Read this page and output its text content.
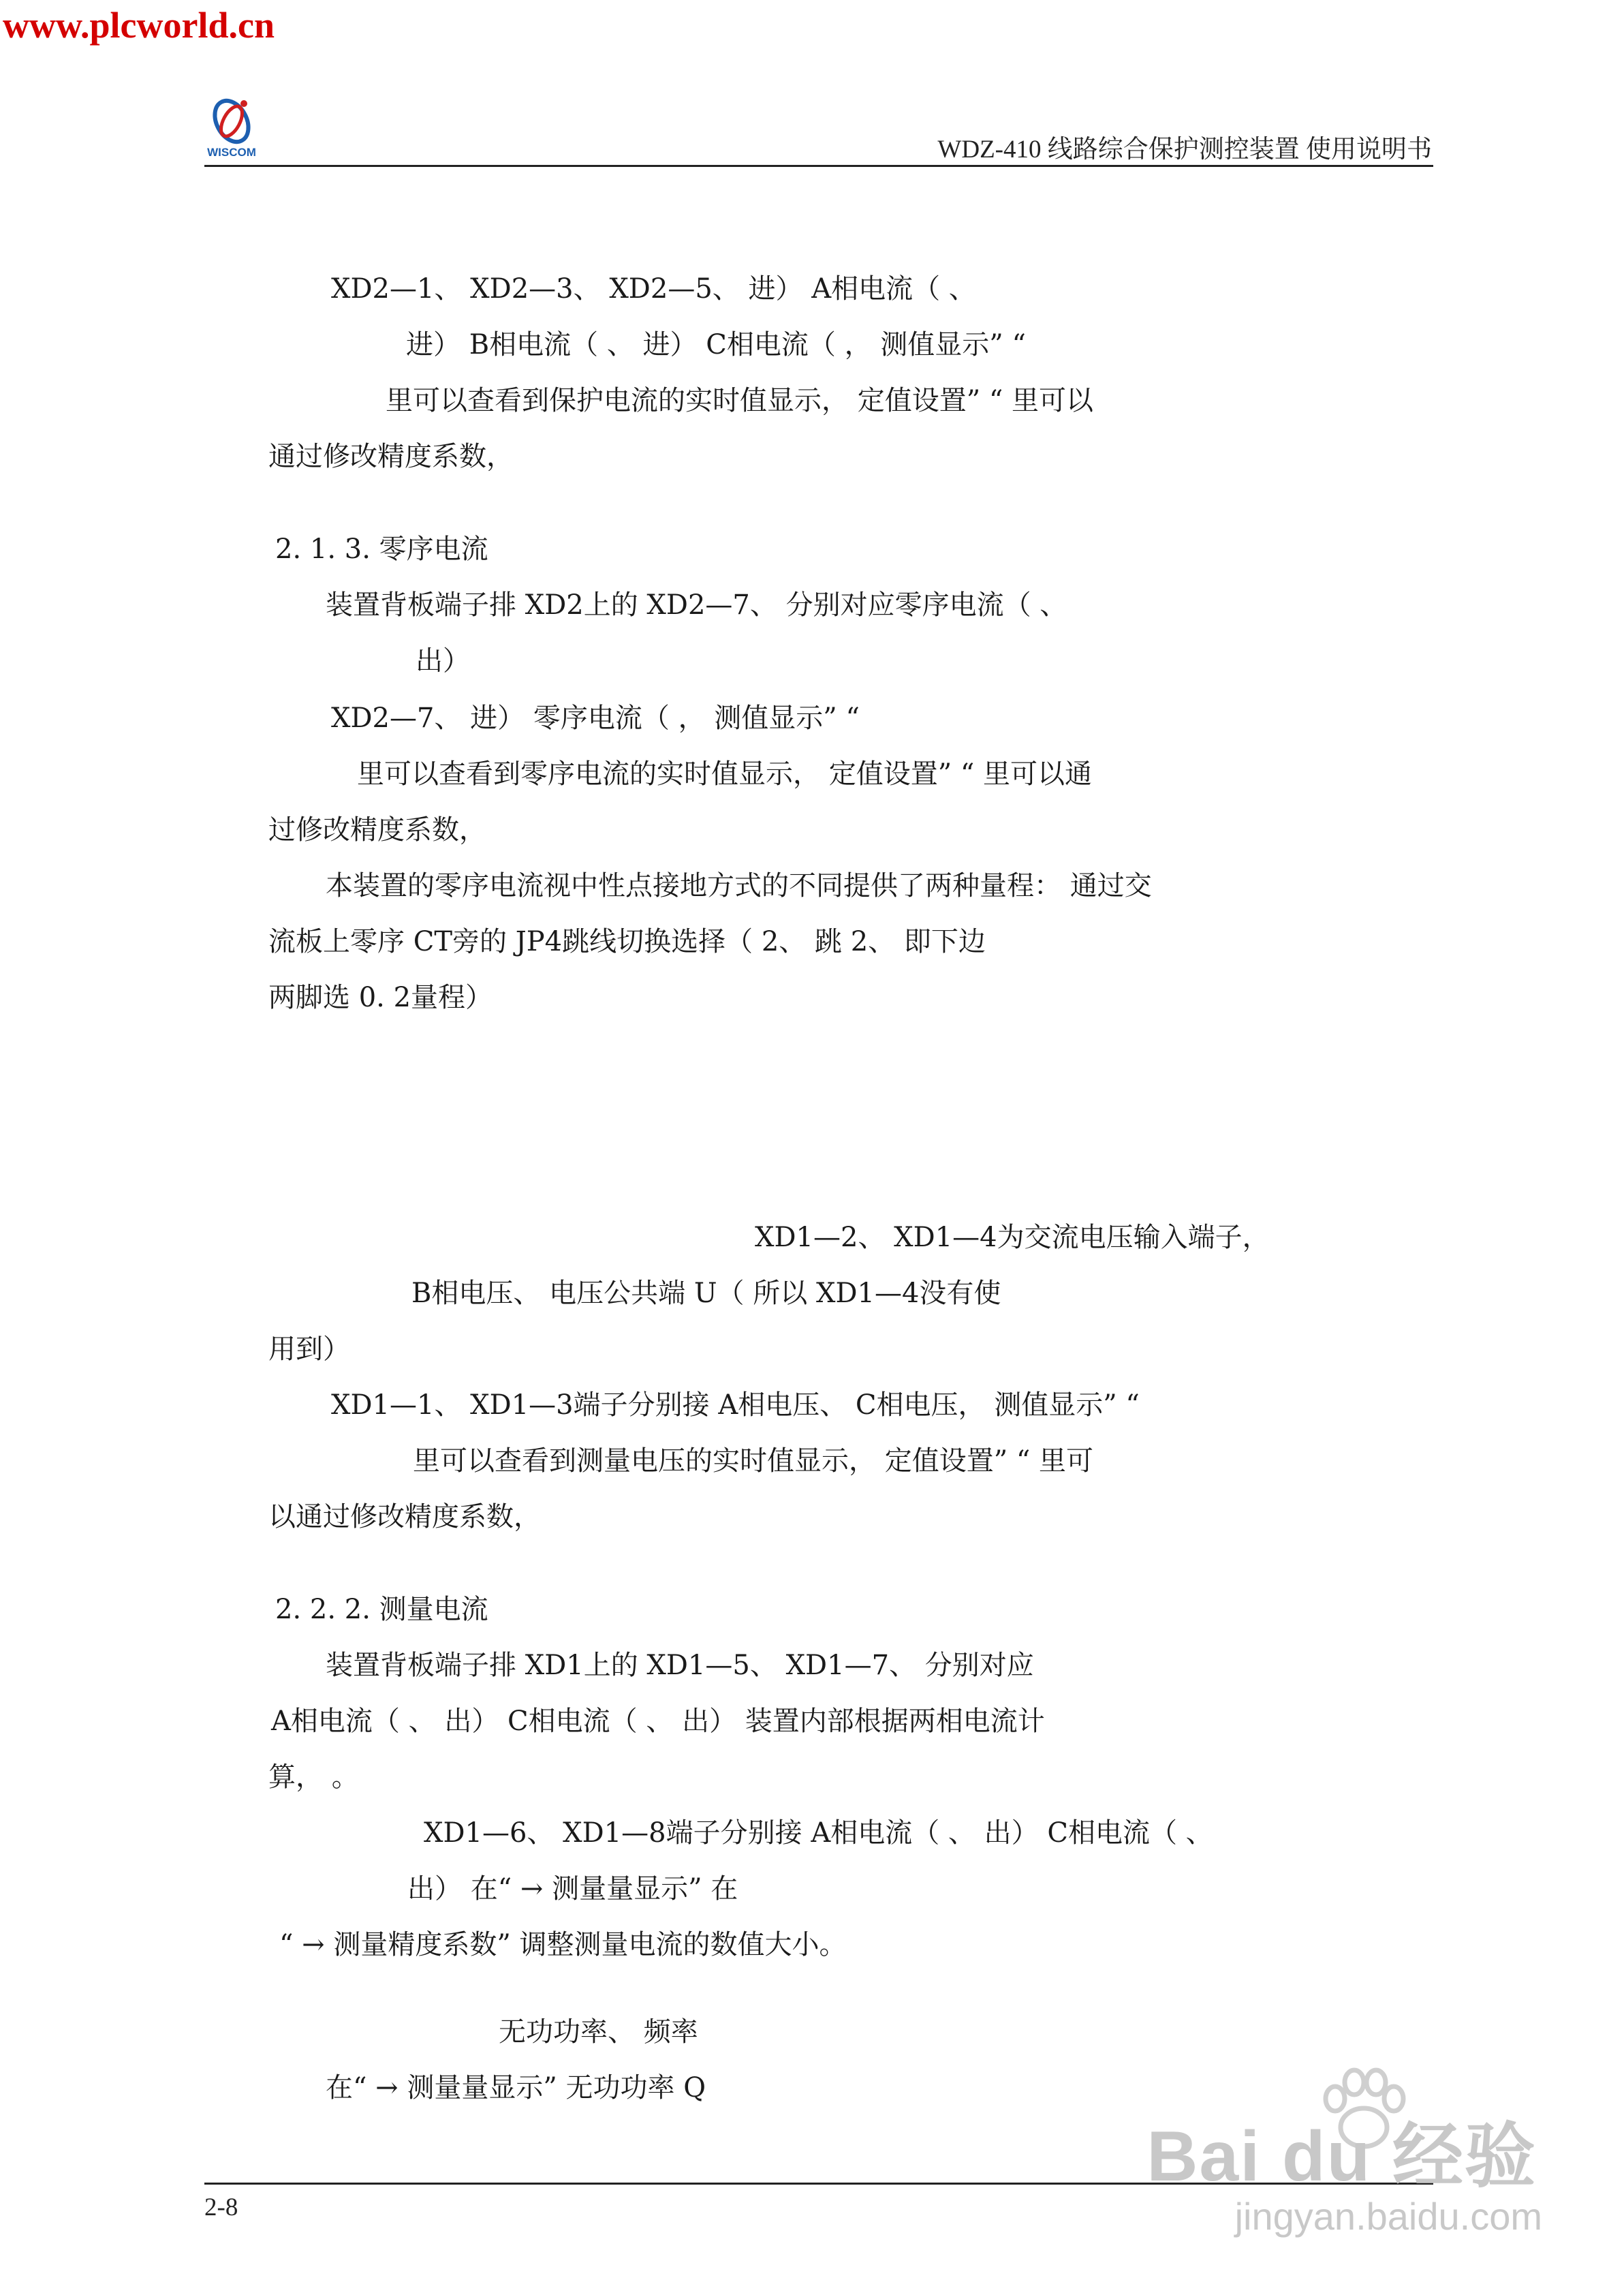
www.plcworld.cn
WISCOM	WDZ-410 线路综合保护测控装置 使用说明书
XD2—1、 XD2—3、 XD2—5、 进） A相电流（ 、
进） B相电流（ 、 进） C相电流（ ， 测值显示” “
里可以查看到保护电流的实时值显示， 定值设置” “ 里可以
通过修改精度系数，
2. 1. 3. 零序电流
装置背板端子排 XD2上的 XD2—7、 分别对应零序电流（ 、
出）
XD2—7、 进） 零序电流（ ， 测值显示” “
里可以查看到零序电流的实时值显示， 定值设置” “ 里可以通
过修改精度系数，
本装置的零序电流视中性点接地方式的不同提供了两种量程： 通过交
流板上零序 CT旁的 JP4跳线切换选择（ 2、 跳 2、 即下边
两脚选 0. 2量程）
XD1—2、 XD1—4为交流电压输入端子，
B相电压、 电压公共端 U（ 所以 XD1—4没有使
用到）
XD1—1、 XD1—3端子分别接 A相电压、 C相电压， 测值显示” “
里可以查看到测量电压的实时值显示， 定值设置” “ 里可
以通过修改精度系数，
2. 2. 2. 测量电流
装置背板端子排 XD1上的 XD1—5、 XD1—7、 分别对应
A相电流（ 、 出） C相电流（ 、 出） 装置内部根据两相电流计
算， 。
XD1—6、 XD1—8端子分别接 A相电流（ 、 出） C相电流（ 、
出） 在“ → 测量量显示” 在
“ → 测量精度系数” 调整测量电流的数值大小。
无功功率、 频率
在“ → 测量量显示” 无功功率 Q
2-8
Bai du 经验
jingyan.baidu.com
